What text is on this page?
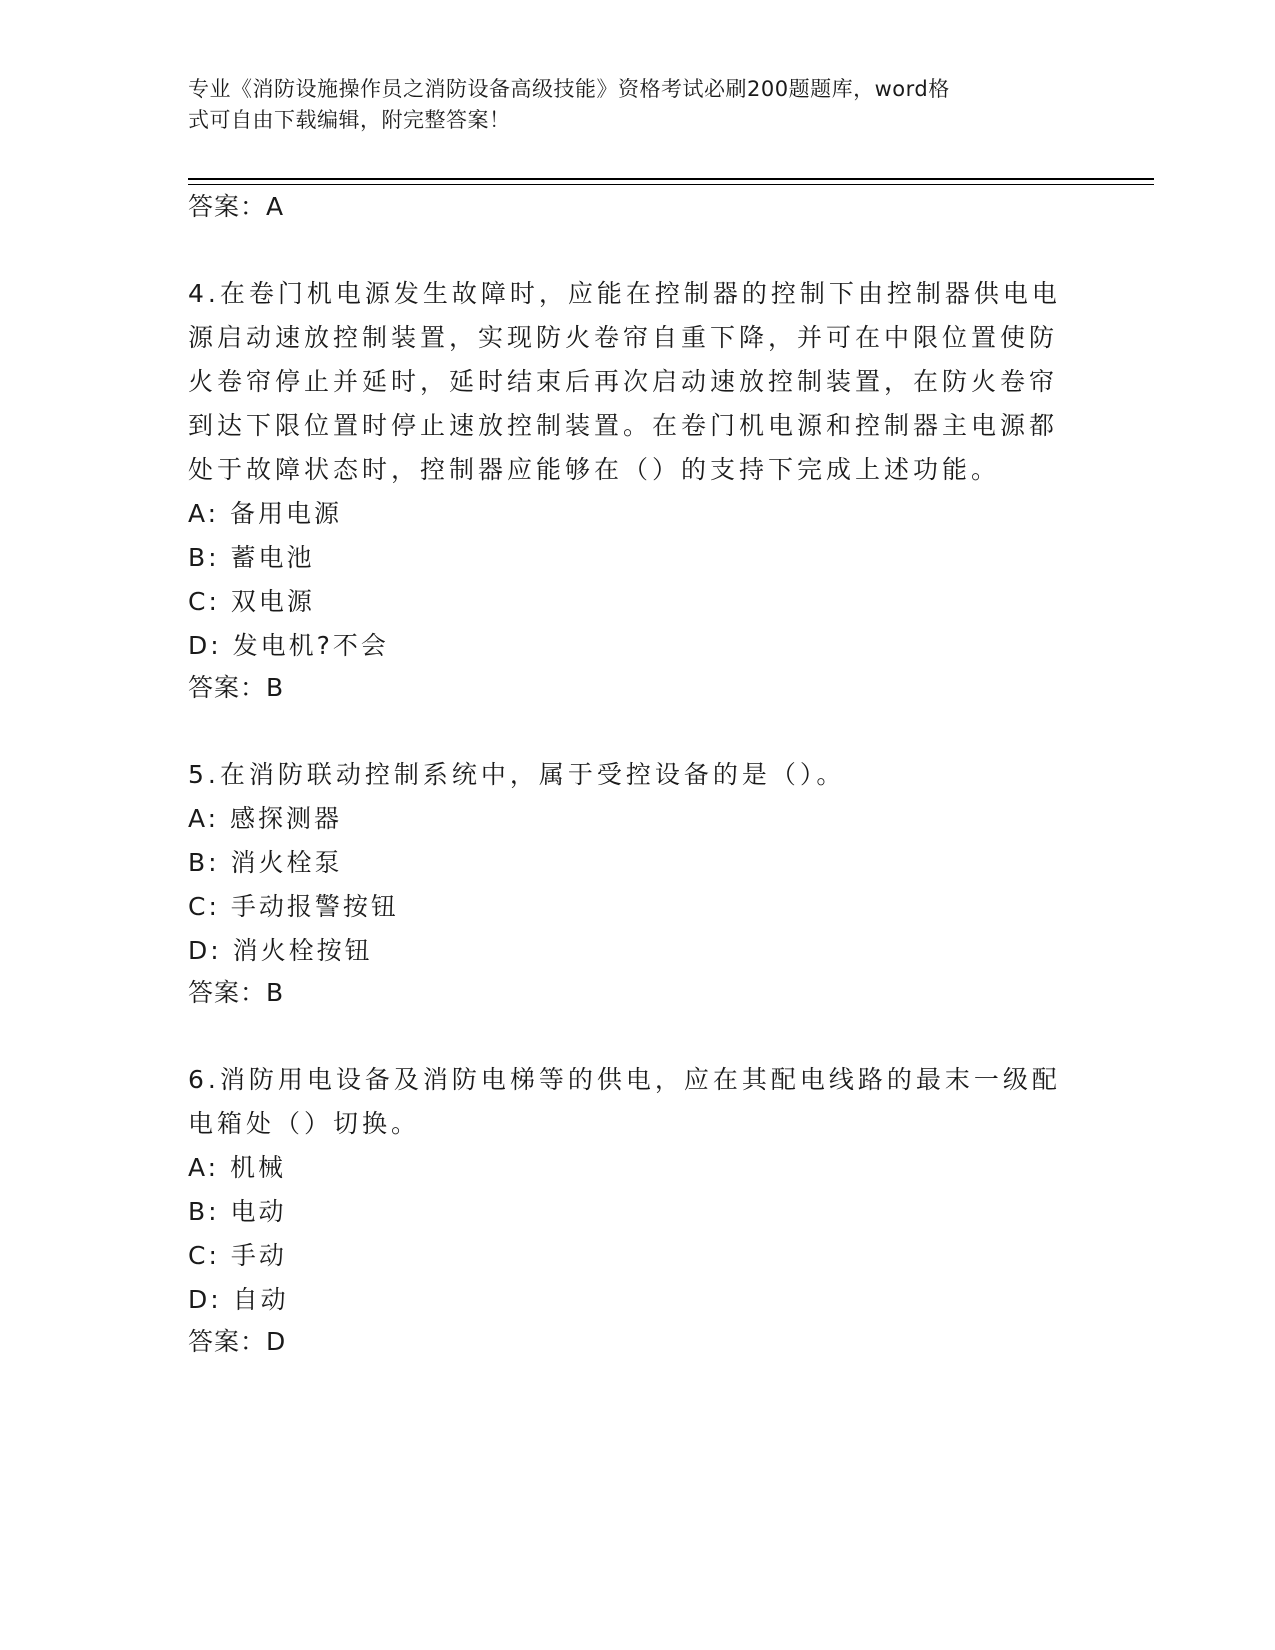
专业《消防设施操作员之消防设备高级技能》资格考试必刷200题题库，word格
式可自由下载编辑，附完整答案！
答案：A
4.在卷门机电源发生故障时，应能在控制器的控制下由控制器供电电
源启动速放控制装置，实现防火卷帘自重下降，并可在中限位置使防
火卷帘停止并延时，延时结束后再次启动速放控制装置，在防火卷帘
到达下限位置时停止速放控制装置。在卷门机电源和控制器主电源都
处于故障状态时，控制器应能够在（）的支持下完成上述功能。
A: 备用电源
B: 蓄电池
C: 双电源
D: 发电机?不会
答案：B
5.在消防联动控制系统中，属于受控设备的是（）。
A: 感探测器
B: 消火栓泵
C: 手动报警按钮
D: 消火栓按钮
答案：B
6.消防用电设备及消防电梯等的供电，应在其配电线路的最末一级配
电箱处（）切换。
A: 机械
B: 电动
C: 手动
D: 自动
答案：D
